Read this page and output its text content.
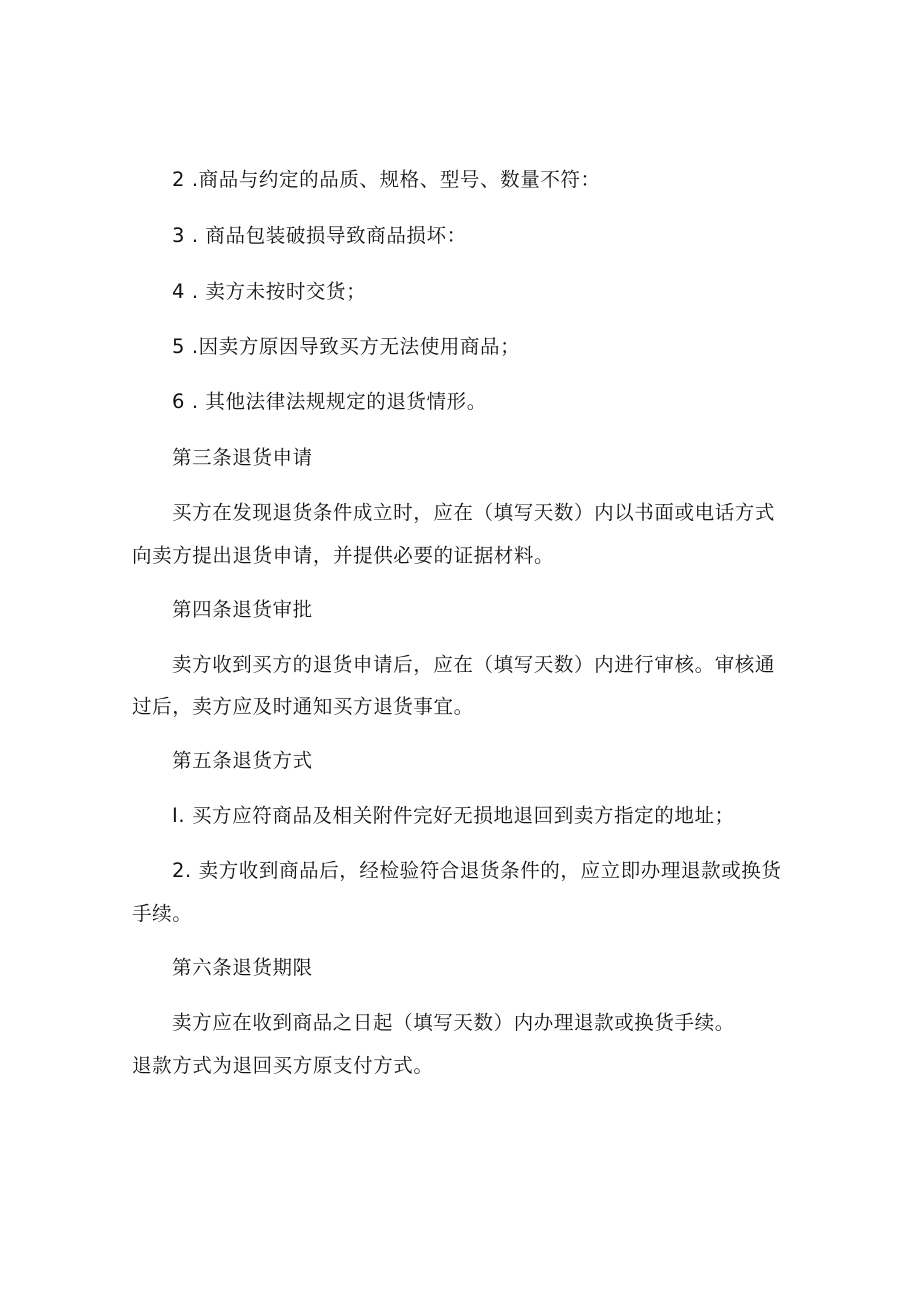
2 .商品与约定的品质、规格、型号、数量不符：
3 . 商品包装破损导致商品损坏：
4 . 卖方未按时交货；
5 .因卖方原因导致买方无法使用商品；
6 . 其他法律法规规定的退货情形。
第三条退货申请
买方在发现退货条件成立时，应在（填写天数）内以书面或电话方式
向卖方提出退货申请，并提供必要的证据材料。
第四条退货审批
卖方收到买方的退货申请后，应在（填写天数）内进行审核。审核通
过后，卖方应及时通知买方退货事宜。
第五条退货方式
I. 买方应符商品及相关附件完好无损地退回到卖方指定的地址；
2. 卖方收到商品后，经检验符合退货条件的，应立即办理退款或换货
手续。
第六条退货期限
卖方应在收到商品之日起（填写天数）内办理退款或换货手续。
退款方式为退回买方原支付方式。
